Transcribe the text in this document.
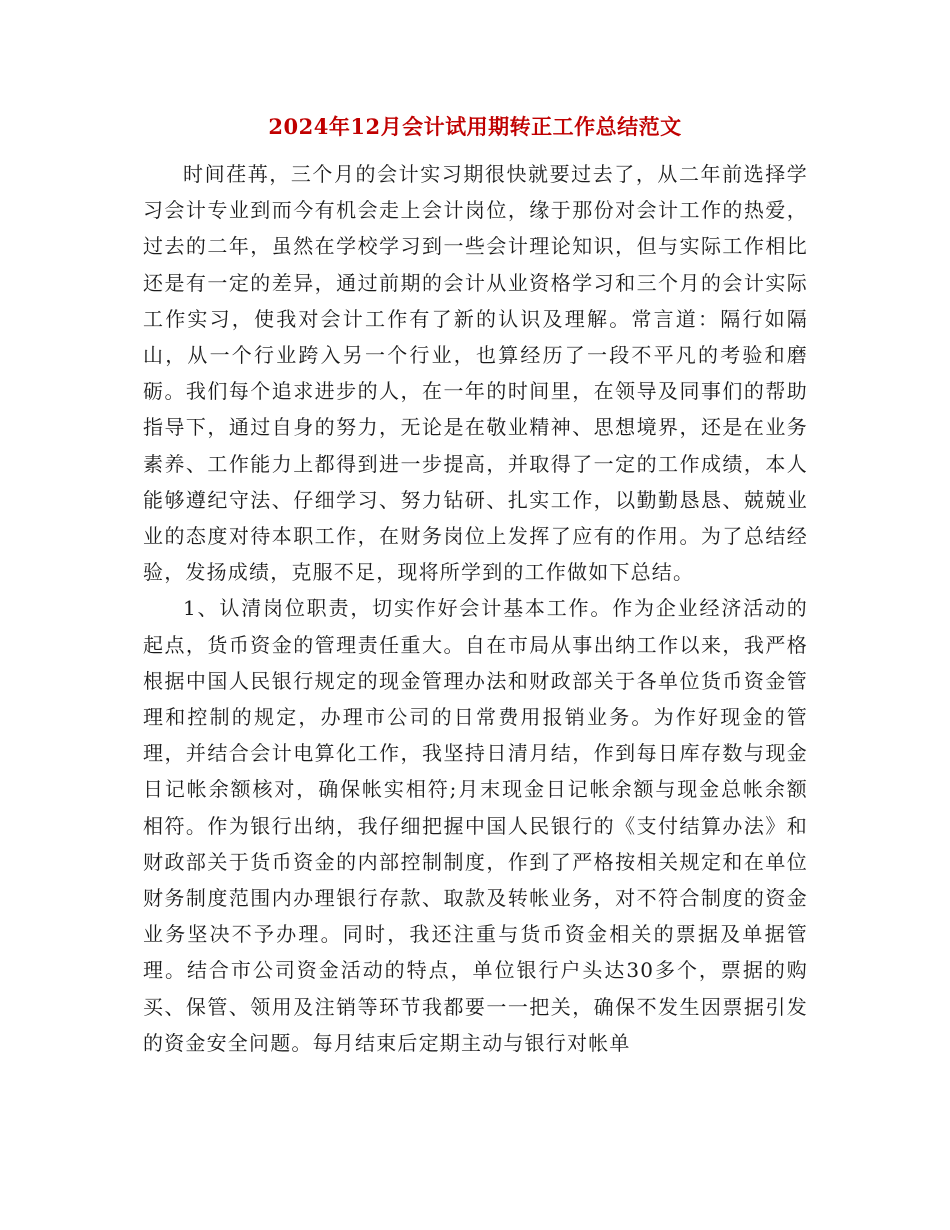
2024年12月会计试用期转正工作总结范文

时间荏苒，三个月的会计实习期很快就要过去了，从二年前选择学习会计专业到而今有机会走上会计岗位，缘于那份对会计工作的热爱，过去的二年，虽然在学校学习到一些会计理论知识，但与实际工作相比还是有一定的差异，通过前期的会计从业资格学习和三个月的会计实际工作实习，使我对会计工作有了新的认识及理解。常言道：隔行如隔山，从一个行业跨入另一个行业，也算经历了一段不平凡的考验和磨砺。我们每个追求进步的人，在一年的时间里，在领导及同事们的帮助指导下，通过自身的努力，无论是在敬业精神、思想境界，还是在业务素养、工作能力上都得到进一步提高，并取得了一定的工作成绩，本人能够遵纪守法、仔细学习、努力钻研、扎实工作，以勤勤恳恳、兢兢业业的态度对待本职工作，在财务岗位上发挥了应有的作用。为了总结经验，发扬成绩，克服不足，现将所学到的工作做如下总结。

1、认清岗位职责，切实作好会计基本工作。作为企业经济活动的起点，货币资金的管理责任重大。自在市局从事出纳工作以来，我严格根据中国人民银行规定的现金管理办法和财政部关于各单位货币资金管理和控制的规定，办理市公司的日常费用报销业务。为作好现金的管理，并结合会计电算化工作，我坚持日清月结，作到每日库存数与现金日记帐余额核对，确保帐实相符;月末现金日记帐余额与现金总帐余额相符。作为银行出纳，我仔细把握中国人民银行的《支付结算办法》和财政部关于货币资金的内部控制制度，作到了严格按相关规定和在单位财务制度范围内办理银行存款、取款及转帐业务，对不符合制度的资金业务坚决不予办理。同时，我还注重与货币资金相关的票据及单据管理。结合市公司资金活动的特点，单位银行户头达30多个，票据的购买、保管、领用及注销等环节我都要一一把关，确保不发生因票据引发的资金安全问题。每月结束后定期主动与银行对帐单
